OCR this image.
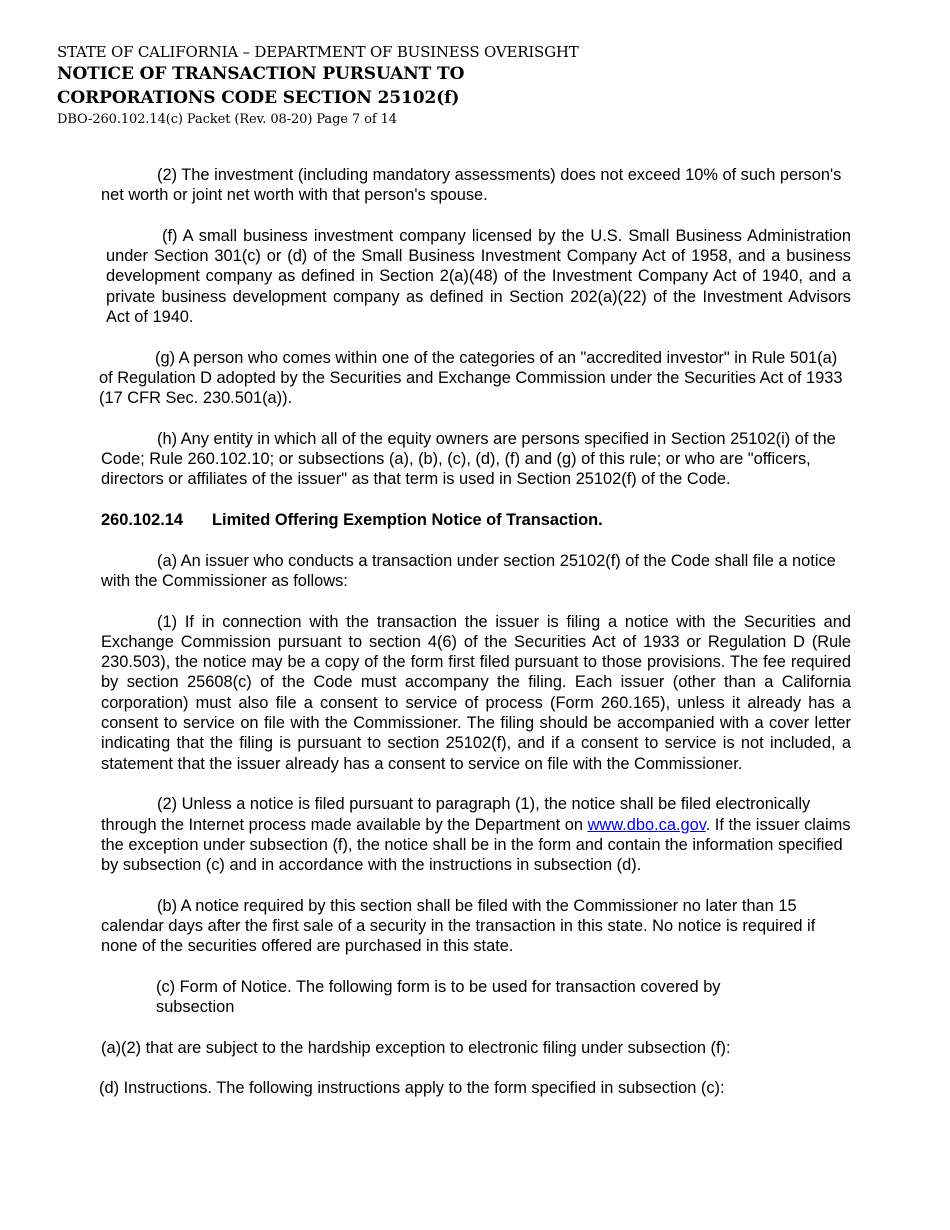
STATE OF CALIFORNIA – DEPARTMENT OF BUSINESS OVERISGHT
NOTICE OF TRANSACTION PURSUANT TO
CORPORATIONS CODE SECTION 25102(f)
DBO-260.102.14(c) Packet (Rev. 08-20) Page 7 of 14

(2) The investment (including mandatory assessments) does not exceed 10% of such person's net worth or joint net worth with that person's spouse.

(f) A small business investment company licensed by the U.S. Small Business Administration under Section 301(c) or (d) of the Small Business Investment Company Act of 1958, and a business development company as defined in Section 2(a)(48) of the Investment Company Act of 1940, and a private business development company as defined in Section 202(a)(22) of the Investment Advisors Act of 1940.

(g) A person who comes within one of the categories of an "accredited investor" in Rule 501(a) of Regulation D adopted by the Securities and Exchange Commission under the Securities Act of 1933 (17 CFR Sec. 230.501(a)).

(h) Any entity in which all of the equity owners are persons specified in Section 25102(i) of the Code; Rule 260.102.10; or subsections (a), (b), (c), (d), (f) and (g) of this rule; or who are "officers, directors or affiliates of the issuer" as that term is used in Section 25102(f) of the Code.

260.102.14 Limited Offering Exemption Notice of Transaction.

(a) An issuer who conducts a transaction under section 25102(f) of the Code shall file a notice with the Commissioner as follows:

(1) If in connection with the transaction the issuer is filing a notice with the Securities and Exchange Commission pursuant to section 4(6) of the Securities Act of 1933 or Regulation D (Rule 230.503), the notice may be a copy of the form first filed pursuant to those provisions. The fee required by section 25608(c) of the Code must accompany the filing. Each issuer (other than a California corporation) must also file a consent to service of process (Form 260.165), unless it already has a consent to service on file with the Commissioner. The filing should be accompanied with a cover letter indicating that the filing is pursuant to section 25102(f), and if a consent to service is not included, a statement that the issuer already has a consent to service on file with the Commissioner.

(2) Unless a notice is filed pursuant to paragraph (1), the notice shall be filed electronically through the Internet process made available by the Department on www.dbo.ca.gov. If the issuer claims the exception under subsection (f), the notice shall be in the form and contain the information specified by subsection (c) and in accordance with the instructions in subsection (d).

(b) A notice required by this section shall be filed with the Commissioner no later than 15 calendar days after the first sale of a security in the transaction in this state. No notice is required if none of the securities offered are purchased in this state.

(c) Form of Notice. The following form is to be used for transaction covered by subsection

(a)(2) that are subject to the hardship exception to electronic filing under subsection (f):

(d) Instructions. The following instructions apply to the form specified in subsection (c):
